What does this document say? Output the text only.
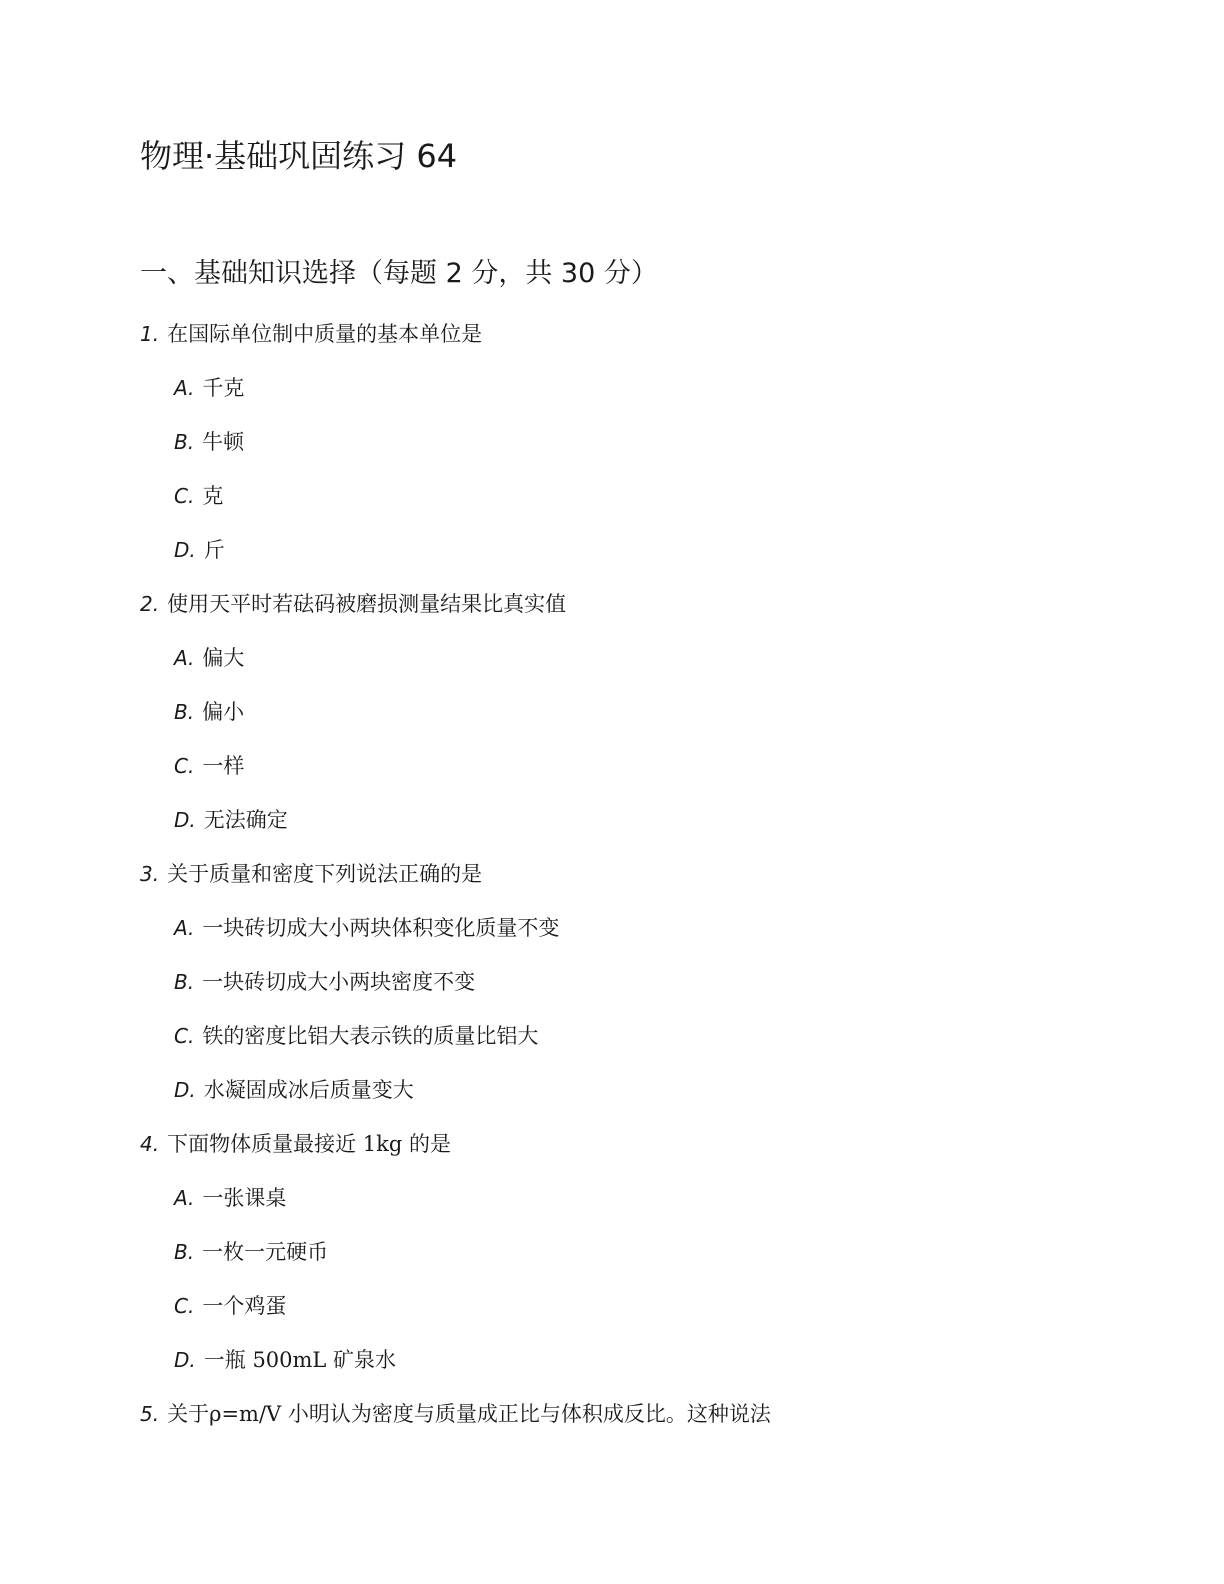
物理·基础巩固练习 64
一、基础知识选择（每题 2 分，共 30 分）
1. 在国际单位制中质量的基本单位是
A. 千克
B. 牛顿
C. 克
D. 斤
2. 使用天平时若砝码被磨损测量结果比真实值
A. 偏大
B. 偏小
C. 一样
D. 无法确定
3. 关于质量和密度下列说法正确的是
A. 一块砖切成大小两块体积变化质量不变
B. 一块砖切成大小两块密度不变
C. 铁的密度比铝大表示铁的质量比铝大
D. 水凝固成冰后质量变大
4. 下面物体质量最接近 1kg 的是
A. 一张课桌
B. 一枚一元硬币
C. 一个鸡蛋
D. 一瓶 500mL 矿泉水
5. 关于ρ=m/V 小明认为密度与质量成正比与体积成反比。这种说法
